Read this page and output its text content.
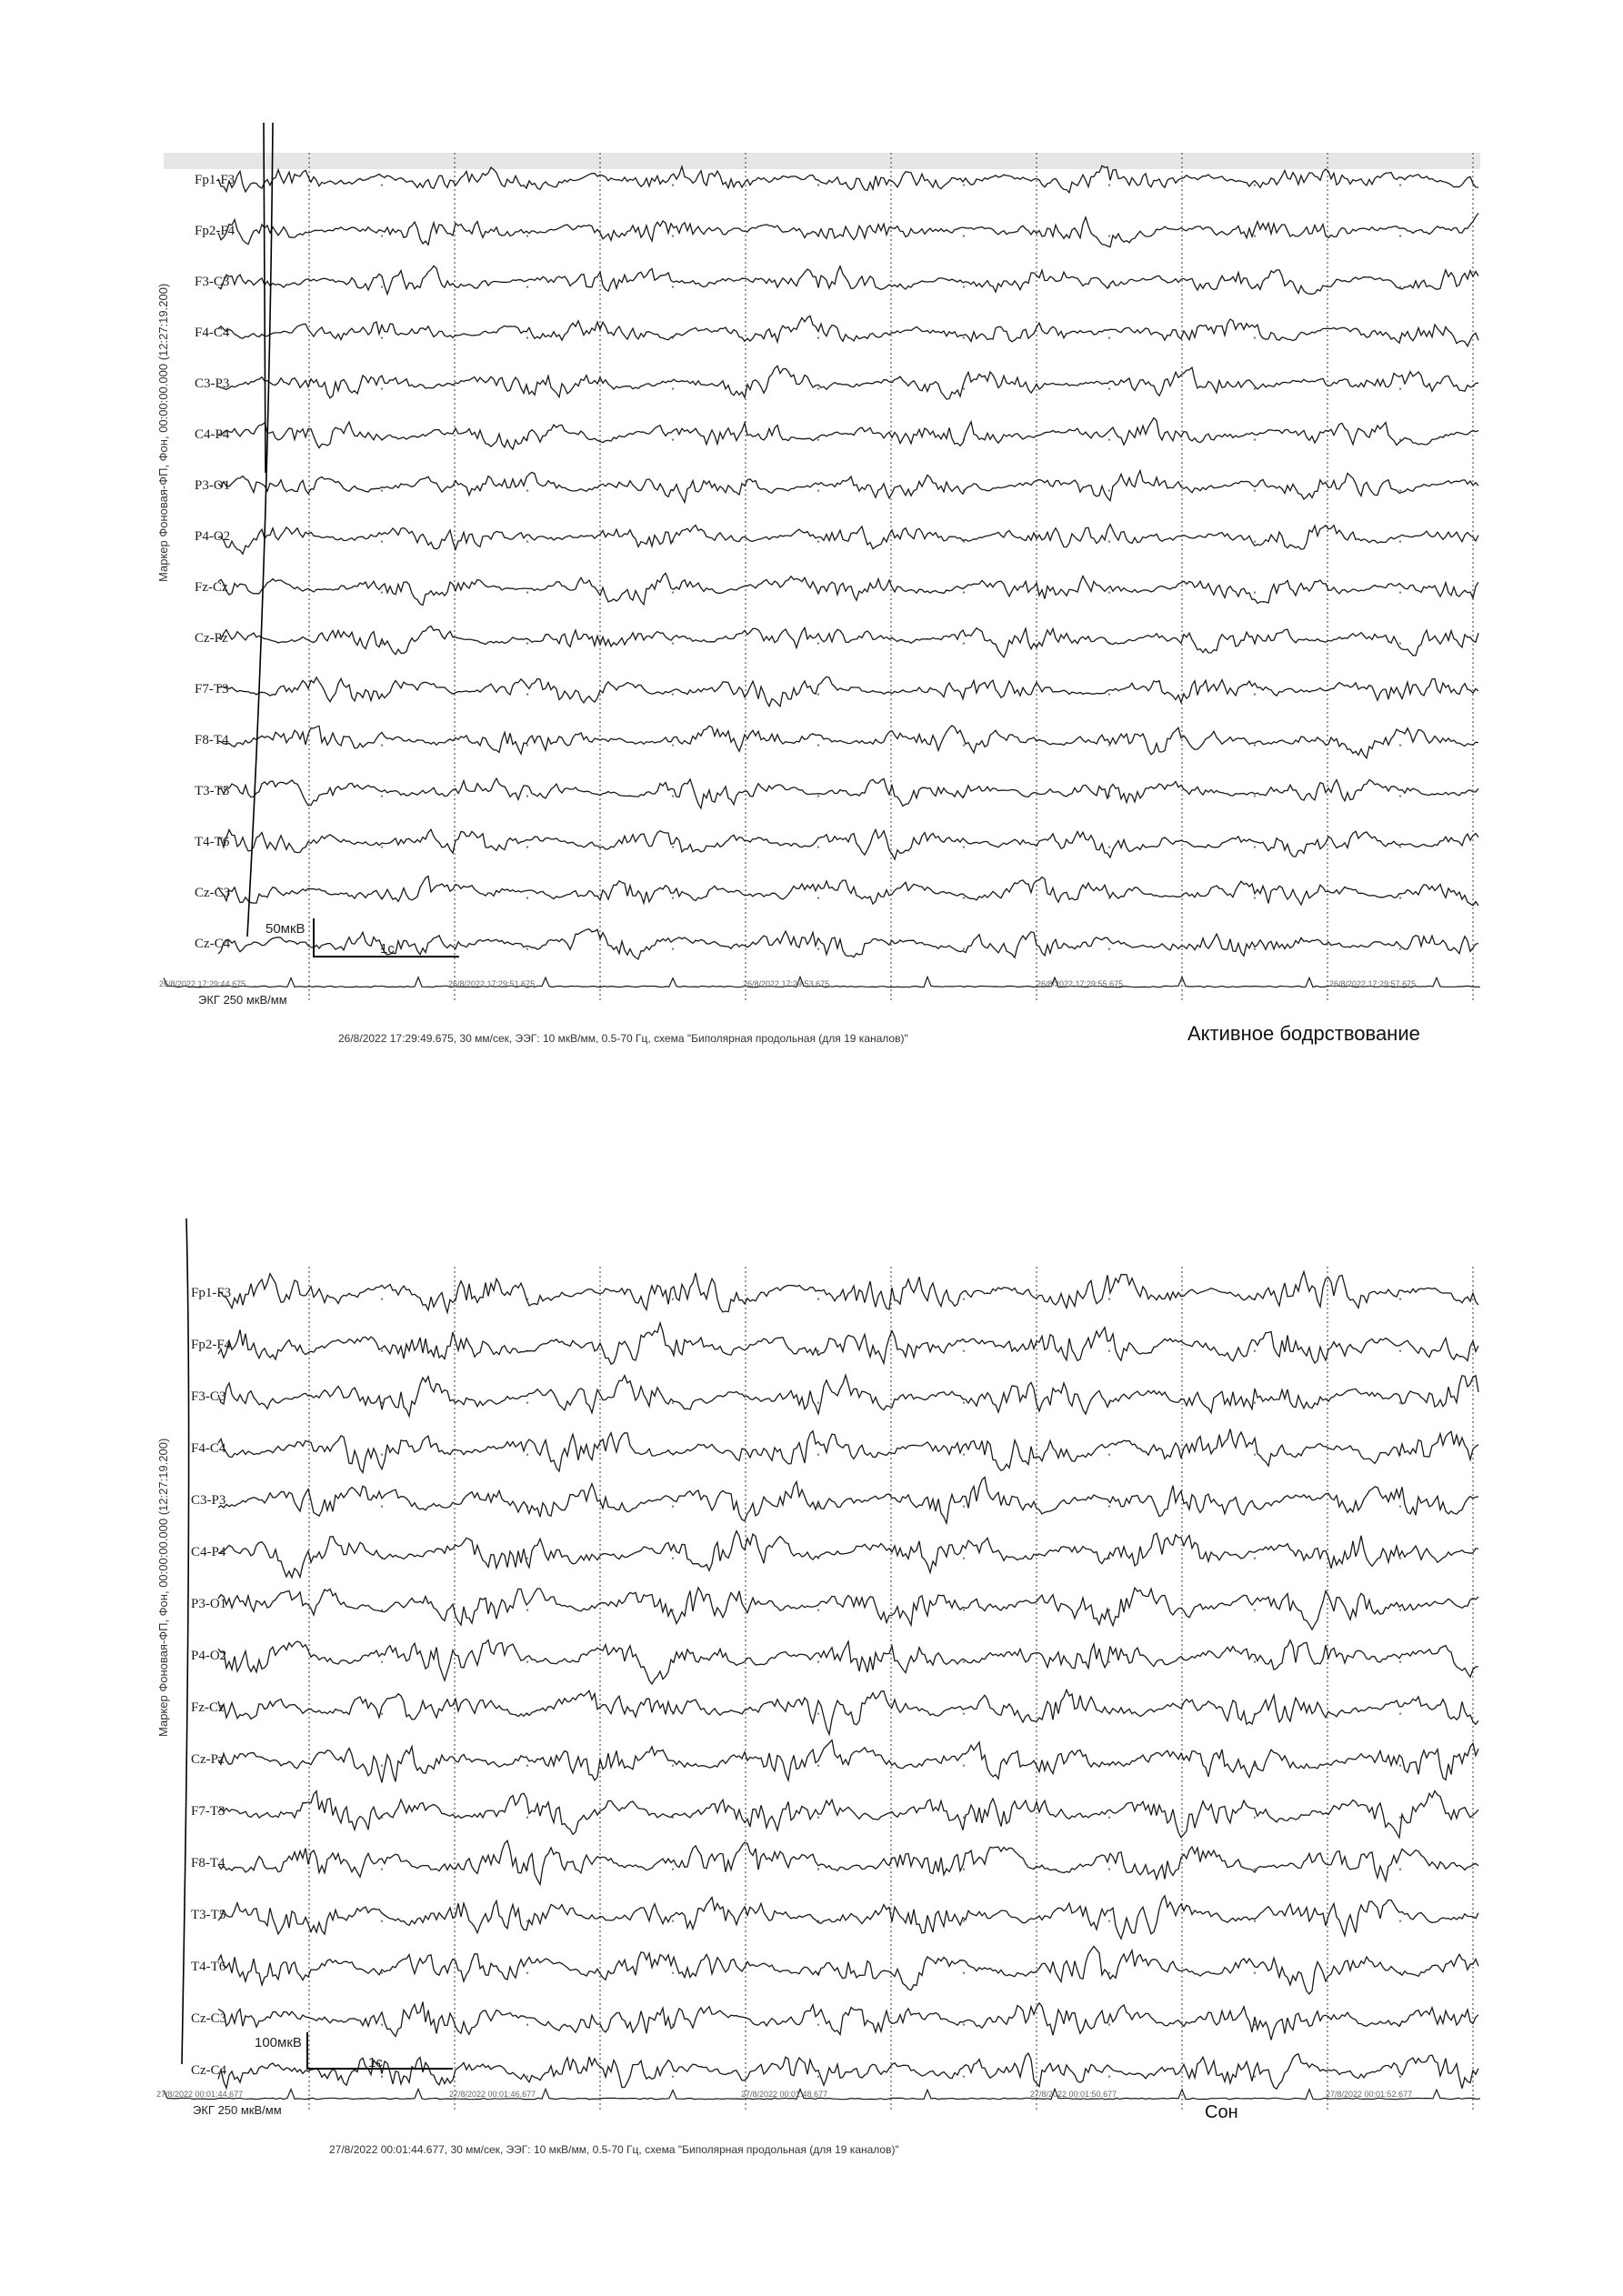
Маркер Фоновая-ФП, Фон, 00:00:00.000 (12:27:19.200)
Fp1-F3
Fp2-F4
F3-C3
F4-C4
C3-P3
C4-P4
P3-O1
P4-O2
Fz-Cz
Cz-Pz
F7-T3
F8-T4
T3-T5
T4-T6
Cz-C3
Cz-C4
50мкВ
1с
ЭКГ 250 мкВ/мм
26/8/2022 17:29:44.675	26/8/2022 17:29:51.675	26/8/2022 17:29:53.675	26/8/2022 17:29:55.675	26/8/2022 17:29:57.675
26/8/2022 17:29:49.675, 30 мм/сек, ЭЭГ: 10 мкВ/мм, 0.5-70 Гц, схема "Биполярная продольная (для 19 каналов)"	Активное бодрствование
Маркер Фоновая-ФП, Фон, 00:00:00.000 (12:27:19.200)
Fp1-F3
Fp2-F4
F3-C3
F4-C4
C3-P3
C4-P4
P3-O1
P4-O2
Fz-Cz
Cz-Pz
F7-T3
F8-T4
T3-T5
T4-T6
Cz-C3
Cz-C4
100мкВ
1с
ЭКГ 250 мкВ/мм
27/8/2022 00:01:44.677	27/8/2022 00:01:46.677	27/8/2022 00:01:48.677	27/8/2022 00:01:50.677	27/8/2022 00:01:52.677
Сон
27/8/2022 00:01:44.677, 30 мм/сек, ЭЭГ: 10 мкВ/мм, 0.5-70 Гц, схема "Биполярная продольная (для 19 каналов)"
